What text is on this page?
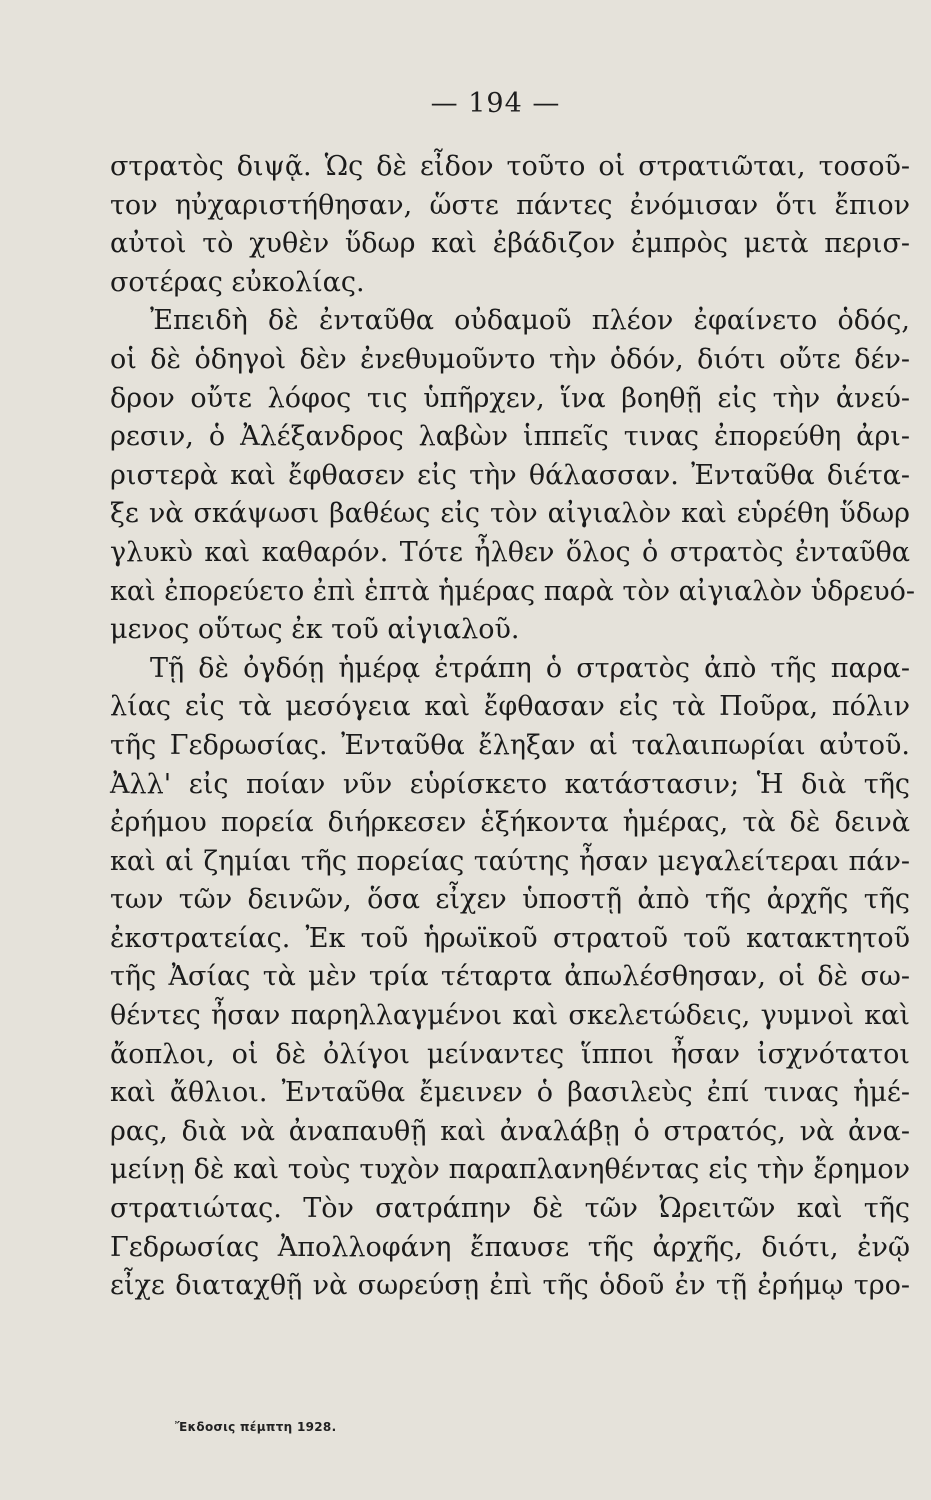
— 194 —
στρατὸς διψᾷ. Ὡς δὲ εἶδον τοῦτο οἱ στρατιῶται, τοσοῦ-
τον ηὐχαριστήθησαν, ὥστε πάντες ἐνόμισαν ὅτι ἔπιον
αὐτοὶ τὸ χυθὲν ὕδωρ καὶ ἐβάδιζον ἐμπρὸς μετὰ περισ-
σοτέρας εὐκολίας.
Ἐπειδὴ δὲ ἐνταῦθα οὐδαμοῦ πλέον ἐφαίνετο ὁδός,
οἱ δὲ ὁδηγοὶ δὲν ἐνεθυμοῦντο τὴν ὁδόν, διότι οὔτε δέν-
δρον οὔτε λόφος τις ὑπῆρχεν, ἵνα βοηθῇ εἰς τὴν ἀνεύ-
ρεσιν, ὁ Ἀλέξανδρος λαβὼν ἱππεῖς τινας ἐπορεύθη ἀρι-
ριστερὰ καὶ ἔφθασεν εἰς τὴν θάλασσαν. Ἐνταῦθα διέτα-
ξε νὰ σκάψωσι βαθέως εἰς τὸν αἰγιαλὸν καὶ εὑρέθη ὕδωρ
γλυκὺ καὶ καθαρόν. Τότε ἦλθεν ὅλος ὁ στρατὸς ἐνταῦθα
καὶ ἐπορεύετο ἐπὶ ἑπτὰ ἡμέρας παρὰ τὸν αἰγιαλὸν ὑδρευό-
μενος οὕτως ἐκ τοῦ αἰγιαλοῦ.
Τῇ δὲ ὀγδόῃ ἡμέρᾳ ἐτράπη ὁ στρατὸς ἀπὸ τῆς παρα-
λίας εἰς τὰ μεσόγεια καὶ ἔφθασαν εἰς τὰ Ποῦρα, πόλιν
τῆς Γεδρωσίας. Ἐνταῦθα ἔληξαν αἱ ταλαιπωρίαι αὐτοῦ.
Ἀλλ' εἰς ποίαν νῦν εὑρίσκετο κατάστασιν; Ἡ διὰ τῆς
ἐρήμου πορεία διήρκεσεν ἑξήκοντα ἡμέρας, τὰ δὲ δεινὰ
καὶ αἱ ζημίαι τῆς πορείας ταύτης ἦσαν μεγαλείτεραι πάν-
των τῶν δεινῶν, ὅσα εἶχεν ὑποστῇ ἀπὸ τῆς ἀρχῆς τῆς
ἐκστρατείας. Ἐκ τοῦ ἡρωϊκοῦ στρατοῦ τοῦ κατακτητοῦ
τῆς Ἀσίας τὰ μὲν τρία τέταρτα ἀπωλέσθησαν, οἱ δὲ σω-
θέντες ἦσαν παρηλλαγμένοι καὶ σκελετώδεις, γυμνοὶ καὶ
ἄοπλοι, οἱ δὲ ὀλίγοι μείναντες ἵπποι ἦσαν ἰσχνότατοι
καὶ ἄθλιοι. Ἐνταῦθα ἔμεινεν ὁ βασιλεὺς ἐπί τινας ἡμέ-
ρας, διὰ νὰ ἀναπαυθῇ καὶ ἀναλάβῃ ὁ στρατός, νὰ ἀνα-
μείνῃ δὲ καὶ τοὺς τυχὸν παραπλανηθέντας εἰς τὴν ἔρημον
στρατιώτας. Τὸν σατράπην δὲ τῶν Ὠρειτῶν καὶ τῆς
Γεδρωσίας Ἀπολλοφάνη ἔπαυσε τῆς ἀρχῆς, διότι, ἐνῷ
εἶχε διαταχθῇ νὰ σωρεύσῃ ἐπὶ τῆς ὁδοῦ ἐν τῇ ἐρήμῳ τρο-
Ἔκδοσις πέμπτη 1928.
